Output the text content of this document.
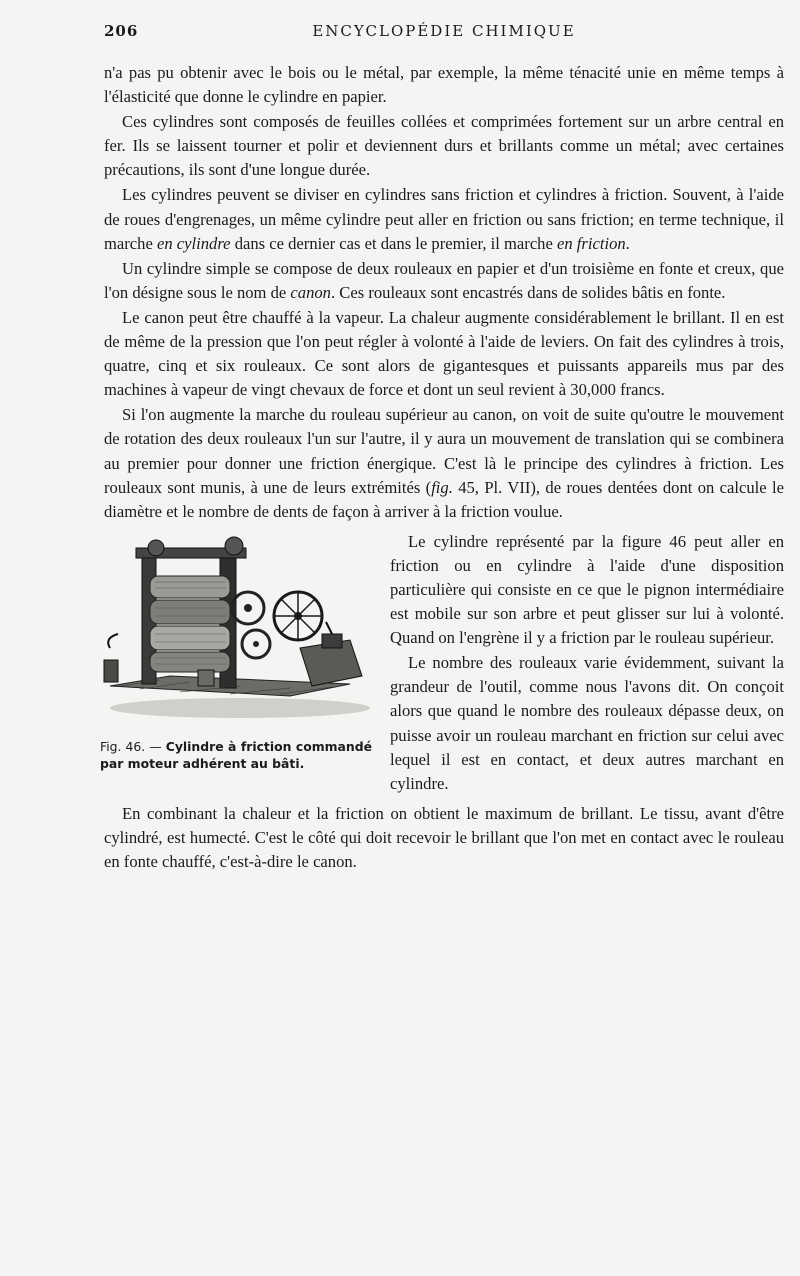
206	ENCYCLOPÉDIE CHIMIQUE

n'a pas pu obtenir avec le bois ou le métal, par exemple, la même ténacité unie en même temps à l'élasticité que donne le cylindre en papier.

Ces cylindres sont composés de feuilles collées et comprimées fortement sur un arbre central en fer. Ils se laissent tourner et polir et deviennent durs et brillants comme un métal; avec certaines précautions, ils sont d'une longue durée.

Les cylindres peuvent se diviser en cylindres sans friction et cylindres à friction. Souvent, à l'aide de roues d'engrenages, un même cylindre peut aller en friction ou sans friction; en terme technique, il marche en cylindre dans ce dernier cas et dans le premier, il marche en friction.

Un cylindre simple se compose de deux rouleaux en papier et d'un troisième en fonte et creux, que l'on désigne sous le nom de canon. Ces rouleaux sont encastrés dans de solides bâtis en fonte.

Le canon peut être chauffé à la vapeur. La chaleur augmente considérablement le brillant. Il en est de même de la pression que l'on peut régler à volonté à l'aide de leviers. On fait des cylindres à trois, quatre, cinq et six rouleaux. Ce sont alors de gigantesques et puissants appareils mus par des machines à vapeur de vingt chevaux de force et dont un seul revient à 30,000 francs.

Si l'on augmente la marche du rouleau supérieur au canon, on voit de suite qu'outre le mouvement de rotation des deux rouleaux l'un sur l'autre, il y aura un mouvement de translation qui se combinera au premier pour donner une friction énergique. C'est là le principe des cylindres à friction. Les rouleaux sont munis, à une de leurs extrémités (fig. 45, Pl. VII), de roues dentées dont on calcule le diamètre et le nombre de dents de façon à arriver à la friction voulue.

Fig. 46. — Cylindre à friction commandé par moteur adhérent au bâti.

Le cylindre représenté par la figure 46 peut aller en friction ou en cylindre à l'aide d'une disposition particulière qui consiste en ce que le pignon intermédiaire est mobile sur son arbre et peut glisser sur lui à volonté. Quand on l'engrène il y a friction par le rouleau supérieur.

Le nombre des rouleaux varie évidemment, suivant la grandeur de l'outil, comme nous l'avons dit. On conçoit alors que quand le nombre des rouleaux dépasse deux, on puisse avoir un rouleau marchant en friction sur celui avec lequel il est en contact, et deux autres marchant en cylindre.

En combinant la chaleur et la friction on obtient le maximum de brillant. Le tissu, avant d'être cylindré, est humecté. C'est le côté qui doit recevoir le brillant que l'on met en contact avec le rouleau en fonte chauffé, c'est-à-dire le canon.
